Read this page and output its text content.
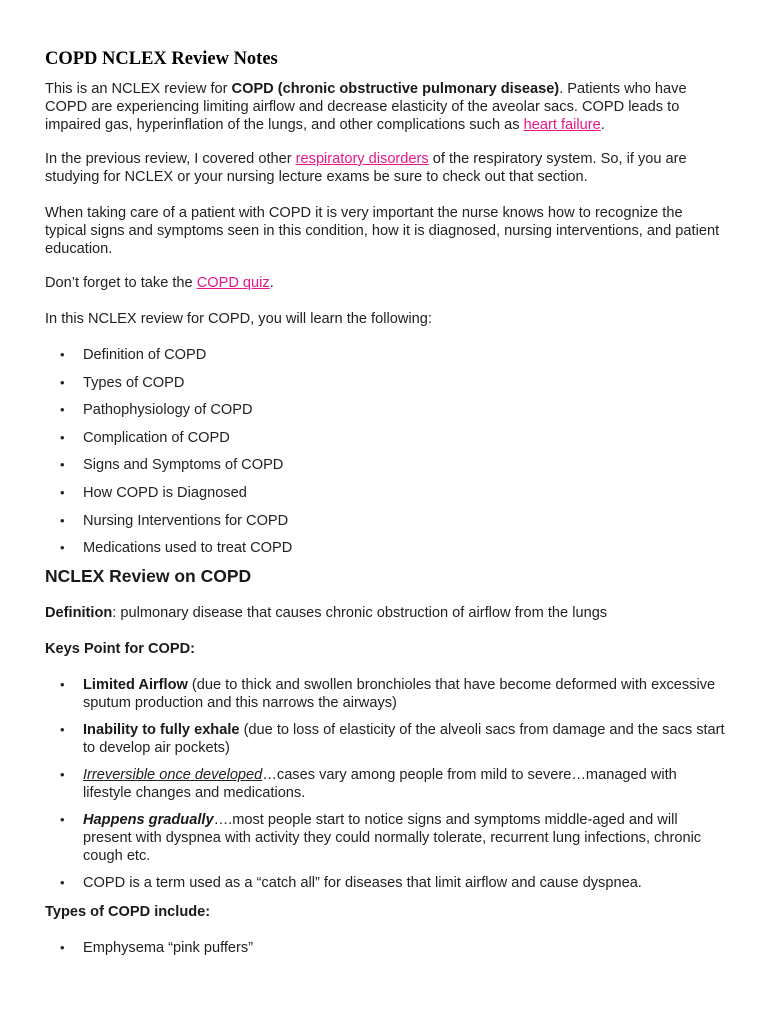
COPD NCLEX Review Notes

This is an NCLEX review for COPD (chronic obstructive pulmonary disease). Patients who have COPD are experiencing limiting airflow and decrease elasticity of the aveolar sacs. COPD leads to impaired gas, hyperinflation of the lungs, and other complications such as heart failure.

In the previous review, I covered other respiratory disorders of the respiratory system. So, if you are studying for NCLEX or your nursing lecture exams be sure to check out that section.

When taking care of a patient with COPD it is very important the nurse knows how to recognize the typical signs and symptoms seen in this condition, how it is diagnosed, nursing interventions, and patient education.

Don’t forget to take the COPD quiz.

In this NCLEX review for COPD, you will learn the following:

• Definition of COPD
• Types of COPD
• Pathophysiology of COPD
• Complication of COPD
• Signs and Symptoms of COPD
• How COPD is Diagnosed
• Nursing Interventions for COPD
• Medications used to treat COPD
NCLEX Review on COPD

Definition: pulmonary disease that causes chronic obstruction of airflow from the lungs

Keys Point for COPD:

• Limited Airflow (due to thick and swollen bronchioles that have become deformed with excessive sputum production and this narrows the airways)
• Inability to fully exhale (due to loss of elasticity of the alveoli sacs from damage and the sacs start to develop air pockets)
• Irreversible once developed…cases vary among people from mild to severe…managed with lifestyle changes and medications.
• Happens gradually….most people start to notice signs and symptoms middle-aged and will present with dyspnea with activity they could normally tolerate, recurrent lung infections, chronic cough etc.
• COPD is a term used as a “catch all” for diseases that limit airflow and cause dyspnea.

Types of COPD include:

• Emphysema “pink puffers”
